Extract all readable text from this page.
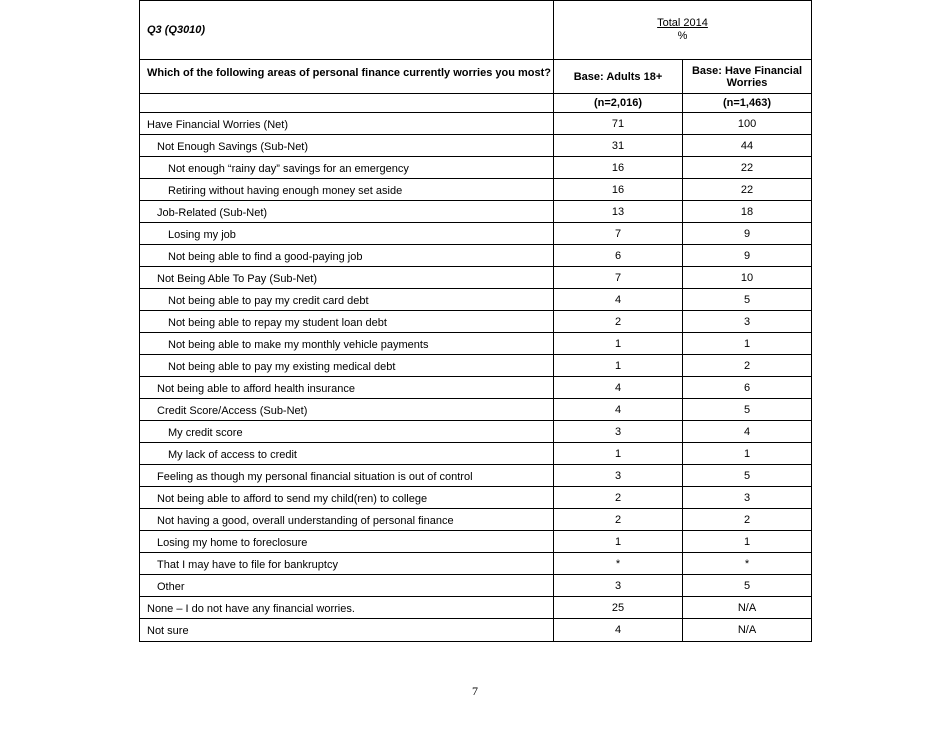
Q3 (Q3010)	Total 2014
%	

Which of the following areas of personal finance currently worries you most?	Base: Adults 18+	Base: Have Financial Worries
	(n=2,016)	(n=1,463)
Have Financial Worries (Net)	71	100
Not Enough Savings (Sub-Net)	31	44
Not enough “rainy day” savings for an emergency	16	22
Retiring without having enough money set aside	16	22
Job-Related (Sub-Net)	13	18
Losing my job	7	9
Not being able to find a good-paying job	6	9
Not Being Able To Pay (Sub-Net)	7	10
Not being able to pay my credit card debt	4	5
Not being able to repay my student loan debt	2	3
Not being able to make my monthly vehicle payments	1	1
Not being able to pay my existing medical debt	1	2
Not being able to afford health insurance	4	6
Credit Score/Access (Sub-Net)	4	5
My credit score	3	4
My lack of access to credit	1	1
Feeling as though my personal financial situation is out of control	3	5
Not being able to afford to send my child(ren) to college	2	3
Not having a good, overall understanding of personal finance	2	2
Losing my home to foreclosure	1	1
That I may have to file for bankruptcy	*	*
Other	3	5
None – I do not have any financial worries.	25	N/A
Not sure	4	N/A
7
